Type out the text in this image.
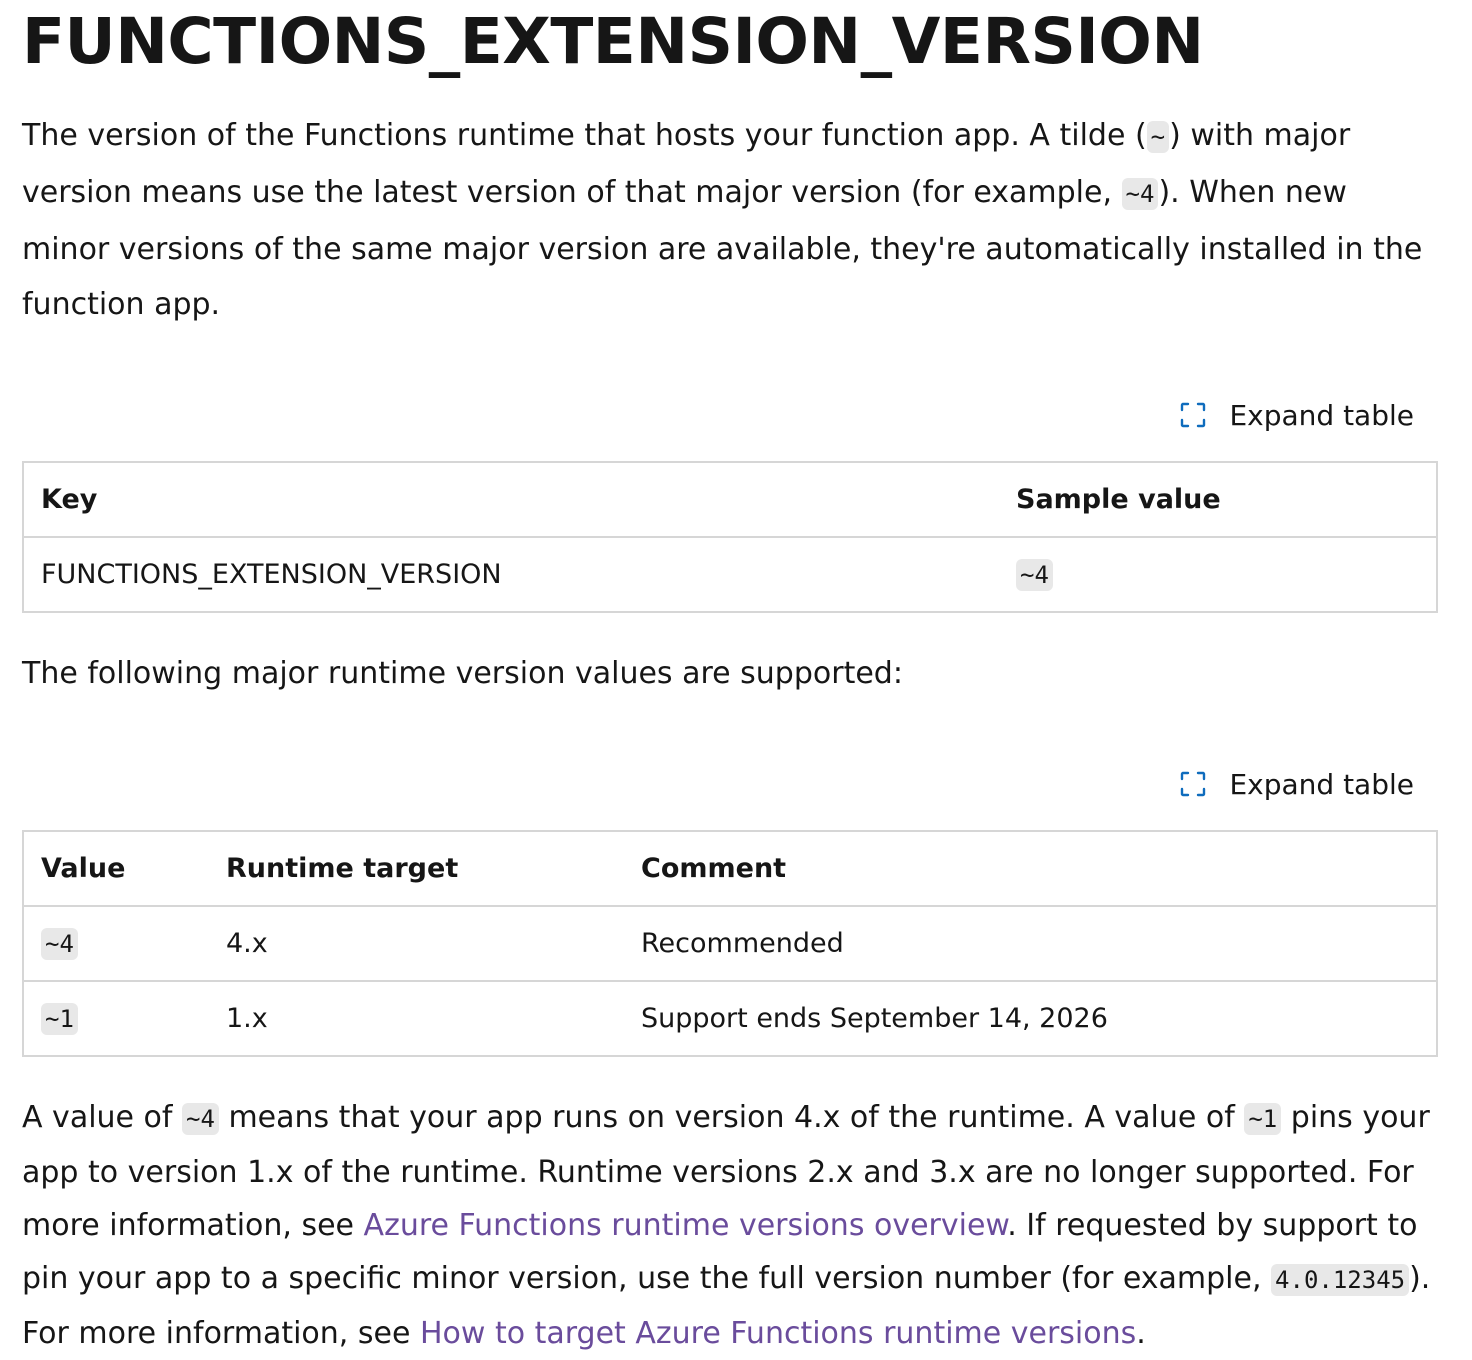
FUNCTIONS_EXTENSION_VERSION

The version of the Functions runtime that hosts your function app. A tilde ( ~ ) with major version means use the latest version of that major version (for example, ~4 ). When new minor versions of the same major version are available, they're automatically installed in the function app.

Expand table
Key	Sample value
FUNCTIONS_EXTENSION_VERSION	~4

The following major runtime version values are supported:

Expand table
Value	Runtime target	Comment
~4	4.x	Recommended
~1	1.x	Support ends September 14, 2026

A value of ~4 means that your app runs on version 4.x of the runtime. A value of ~1 pins your app to version 1.x of the runtime. Runtime versions 2.x and 3.x are no longer supported. For more information, see Azure Functions runtime versions overview. If requested by support to pin your app to a specific minor version, use the full version number (for example, 4.0.12345 ). For more information, see How to target Azure Functions runtime versions.
